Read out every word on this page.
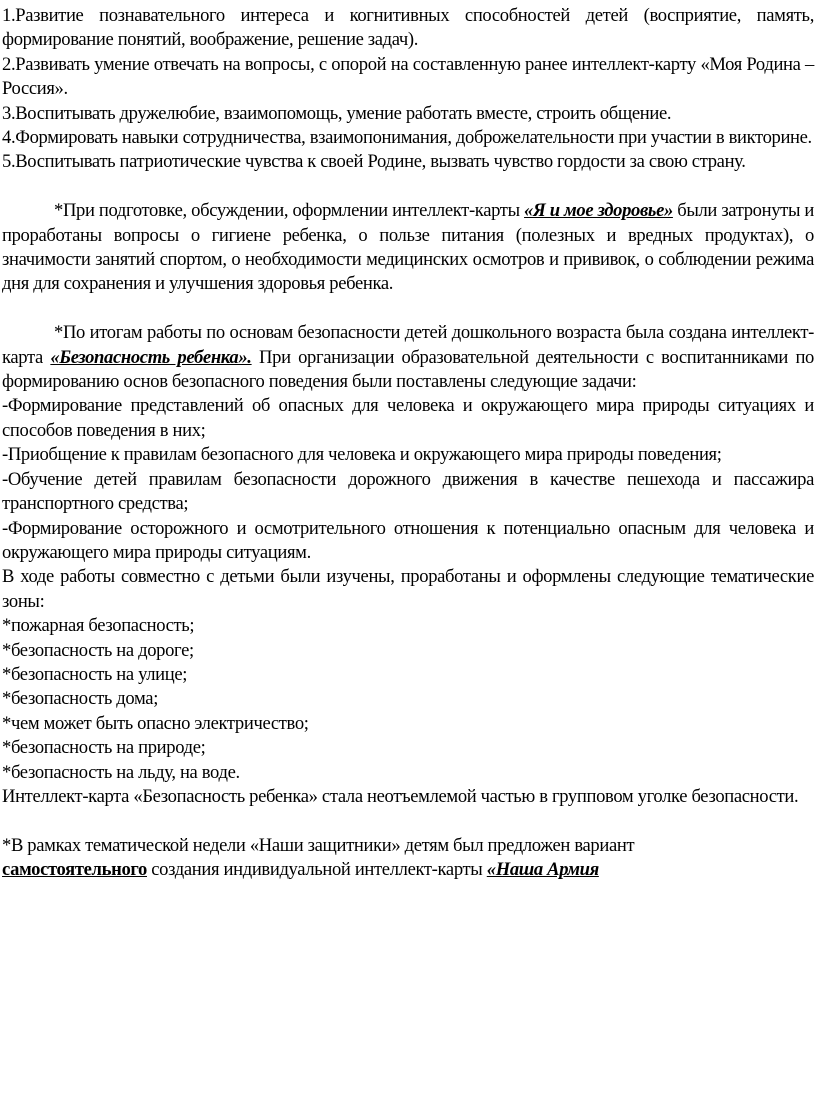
1.Развитие познавательного интереса и когнитивных способностей детей (восприятие, память, формирование понятий, воображение, решение задач).

2.Развивать умение отвечать на вопросы, с опорой на составленную ранее интеллект-карту «Моя Родина – Россия».

3.Воспитывать дружелюбие, взаимопомощь, умение работать вместе, строить общение.

4.Формировать навыки сотрудничества, взаимопонимания, доброжелательности при участии в викторине.

5.Воспитывать патриотические чувства к своей Родине, вызвать чувство гордости за свою страну.

*При подготовке, обсуждении, оформлении интеллект-карты «Я и мое здоровье» были затронуты и проработаны вопросы о гигиене ребенка, о пользе питания (полезных и вредных продуктах), о значимости занятий спортом, о необходимости медицинских осмотров и прививок, о соблюдении режима дня для сохранения и улучшения здоровья ребенка.

*По итогам работы по основам безопасности детей дошкольного возраста была создана интеллект-карта «Безопасность ребенка». При организации образовательной деятельности с воспитанниками по формированию основ безопасного поведения были поставлены следующие задачи:

-Формирование представлений об опасных для человека и окружающего мира природы ситуациях и способов поведения в них;

-Приобщение к правилам безопасного для человека и окружающего мира природы поведения;

-Обучение детей правилам безопасности дорожного движения в качестве пешехода и пассажира транспортного средства;

-Формирование осторожного и осмотрительного отношения к потенциально опасным для человека и окружающего мира природы ситуациям.

В ходе работы совместно с детьми были изучены, проработаны и оформлены следующие тематические зоны:

*пожарная безопасность;

*безопасность на дороге;

*безопасность на улице;

*безопасность дома;

*чем может быть опасно электричество;

*безопасность на природе;

*безопасность на льду, на воде.

Интеллект-карта «Безопасность ребенка» стала неотъемлемой частью в групповом уголке безопасности.

*В рамках тематической недели «Наши защитники» детям был предложен вариант

самостоятельного создания индивидуальной интеллект-карты «Наша Армия
